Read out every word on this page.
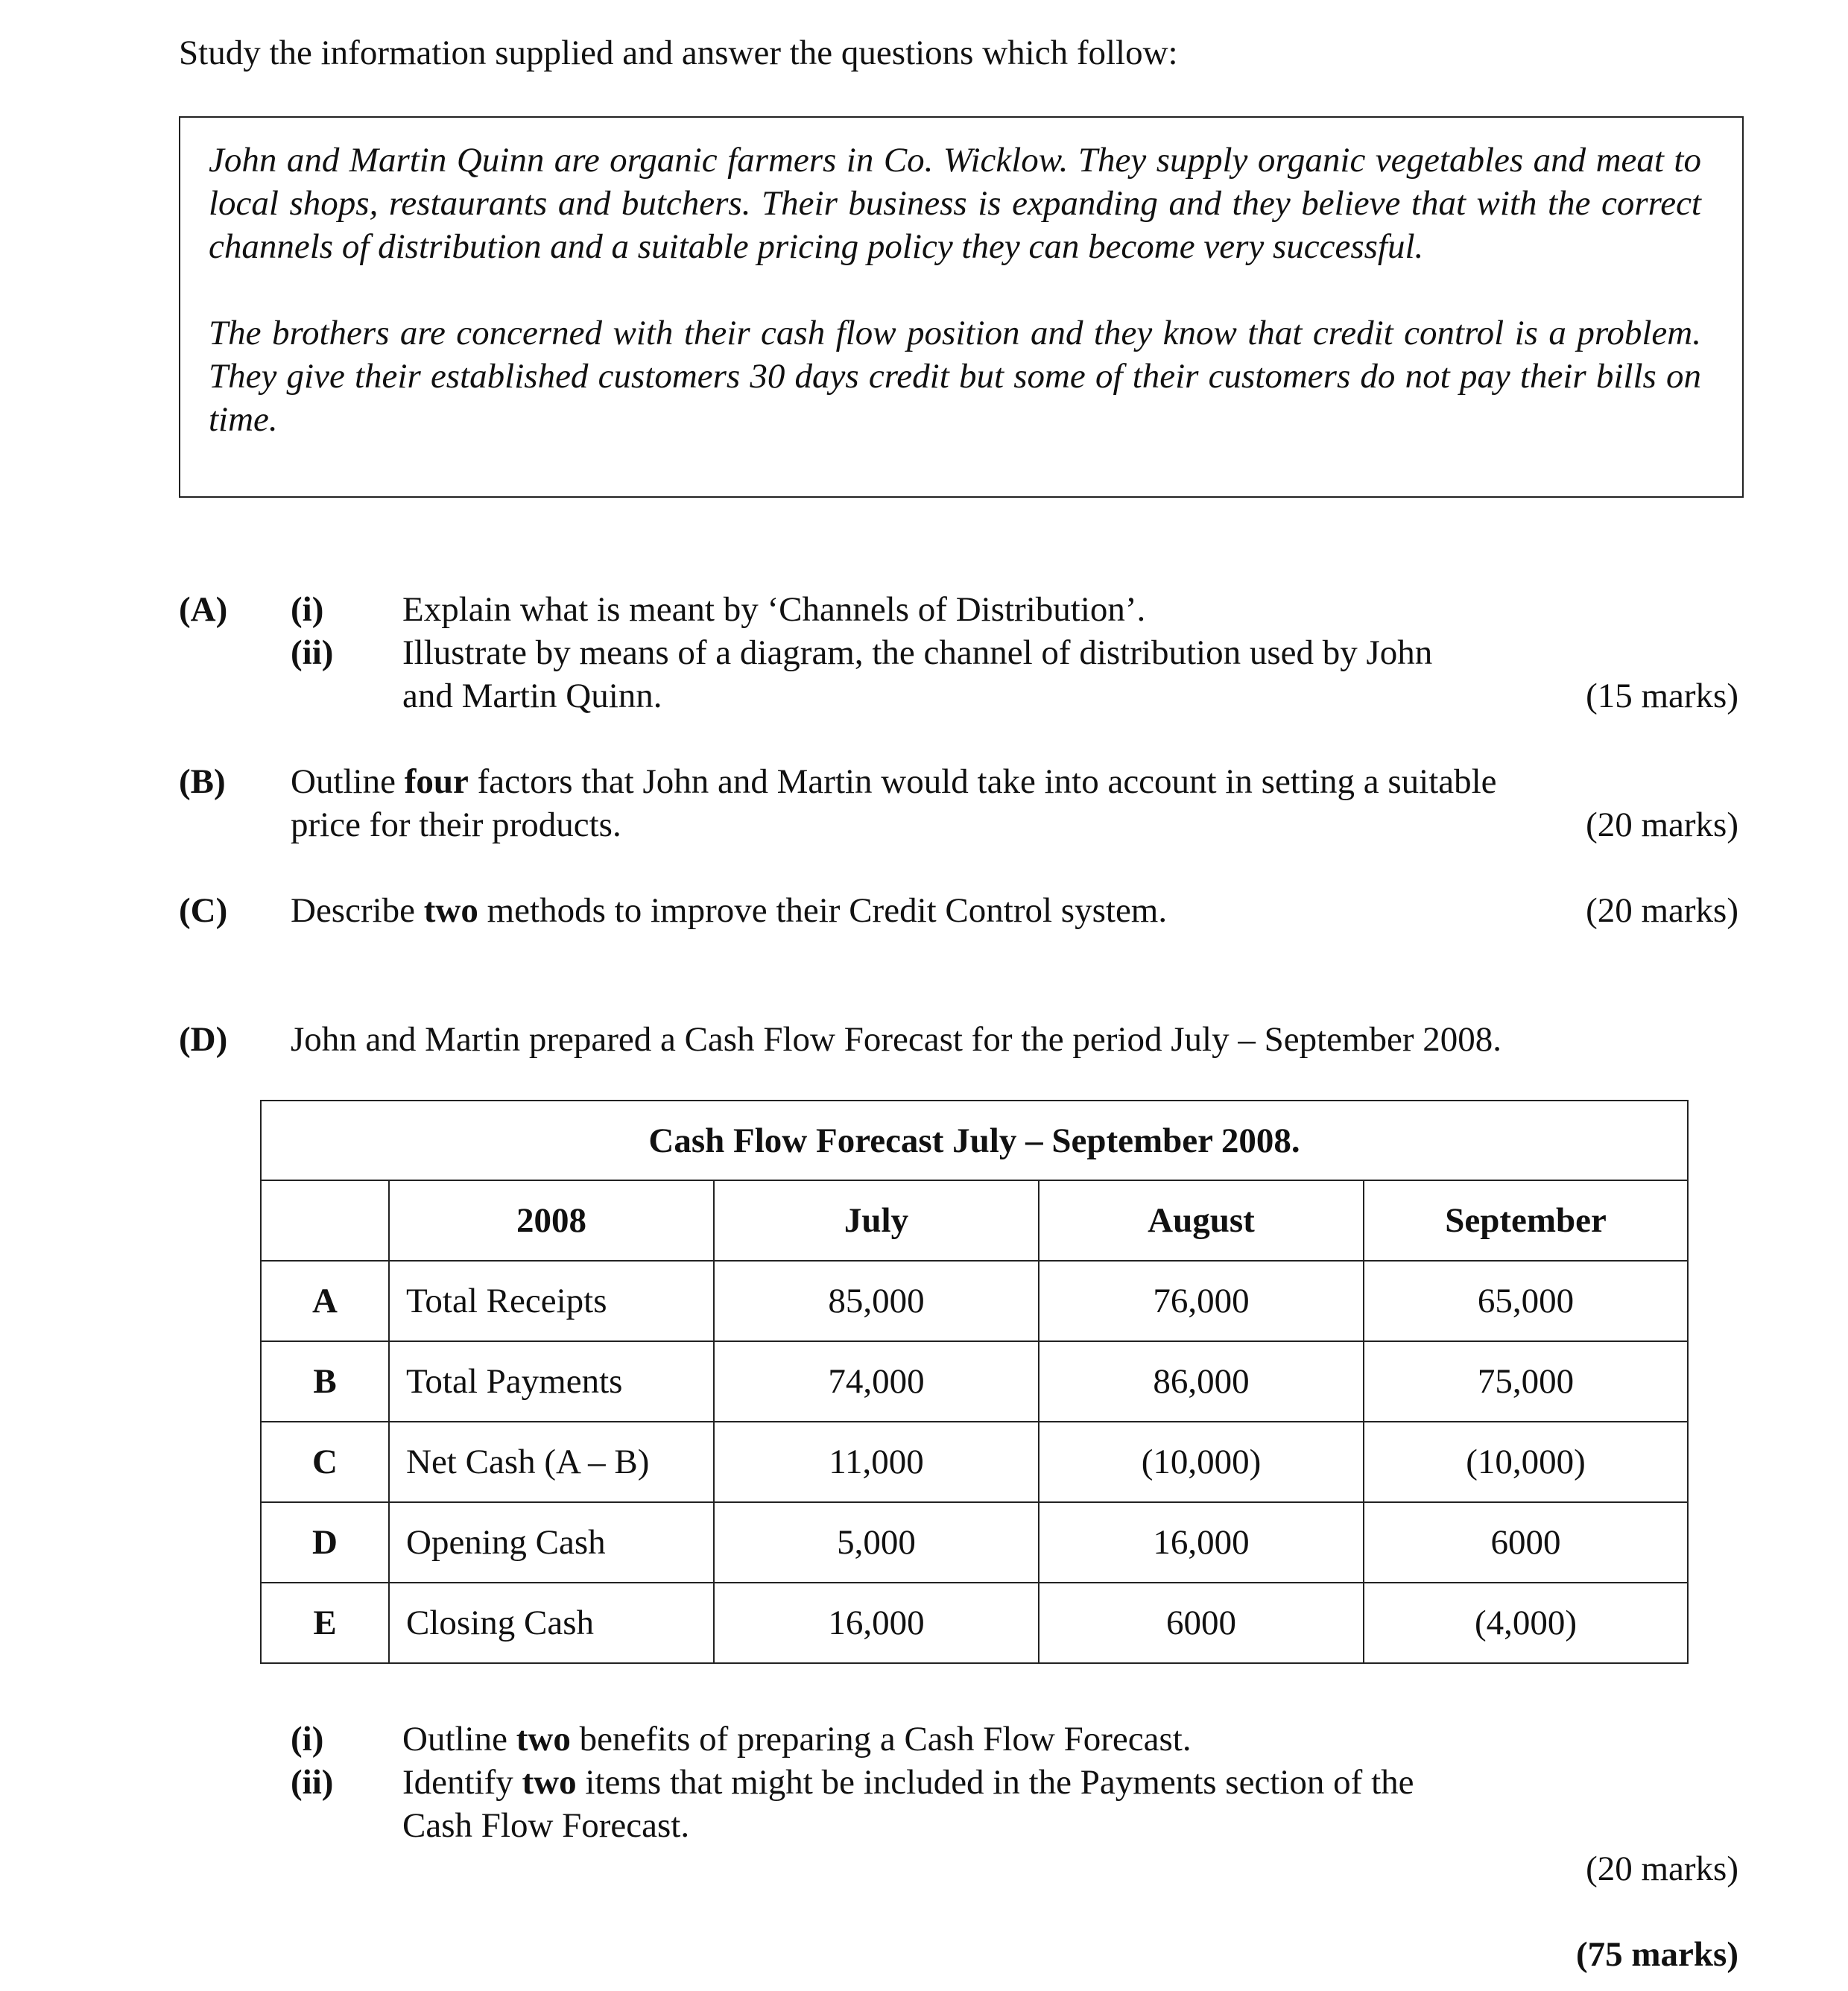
Study the information supplied and answer the questions which follow:

John and Martin Quinn are organic farmers in Co. Wicklow. They supply organic vegetables and meat to local shops, restaurants and butchers. Their business is expanding and they believe that with the correct channels of distribution and a suitable pricing policy they can become very successful.

The brothers are concerned with their cash flow position and they know that credit control is a problem. They give their established customers 30 days credit but some of their customers do not pay their bills on time.

(A) (i) Explain what is meant by ‘Channels of Distribution’.
(ii) Illustrate by means of a diagram, the channel of distribution used by John
and Martin Quinn.	(15 marks)
(B) Outline four factors that John and Martin would take into account in setting a suitable
price for their products.	(20 marks)
(C) Describe two methods to improve their Credit Control system.	(20 marks)
(D) John and Martin prepared a Cash Flow Forecast for the period July – September 2008.
Cash Flow Forecast July – September 2008.				
	2008	July	August	September
A	Total Receipts	85,000	76,000	65,000
B	Total Payments	74,000	86,000	75,000
C	Net Cash (A – B)	11,000	(10,000)	(10,000)
D	Opening Cash	5,000	16,000	6000
E	Closing Cash	16,000	6000	(4,000)
(i) Outline two benefits of preparing a Cash Flow Forecast.
(ii) Identify two items that might be included in the Payments section of the
Cash Flow Forecast.
(20 marks)
(75 marks)
